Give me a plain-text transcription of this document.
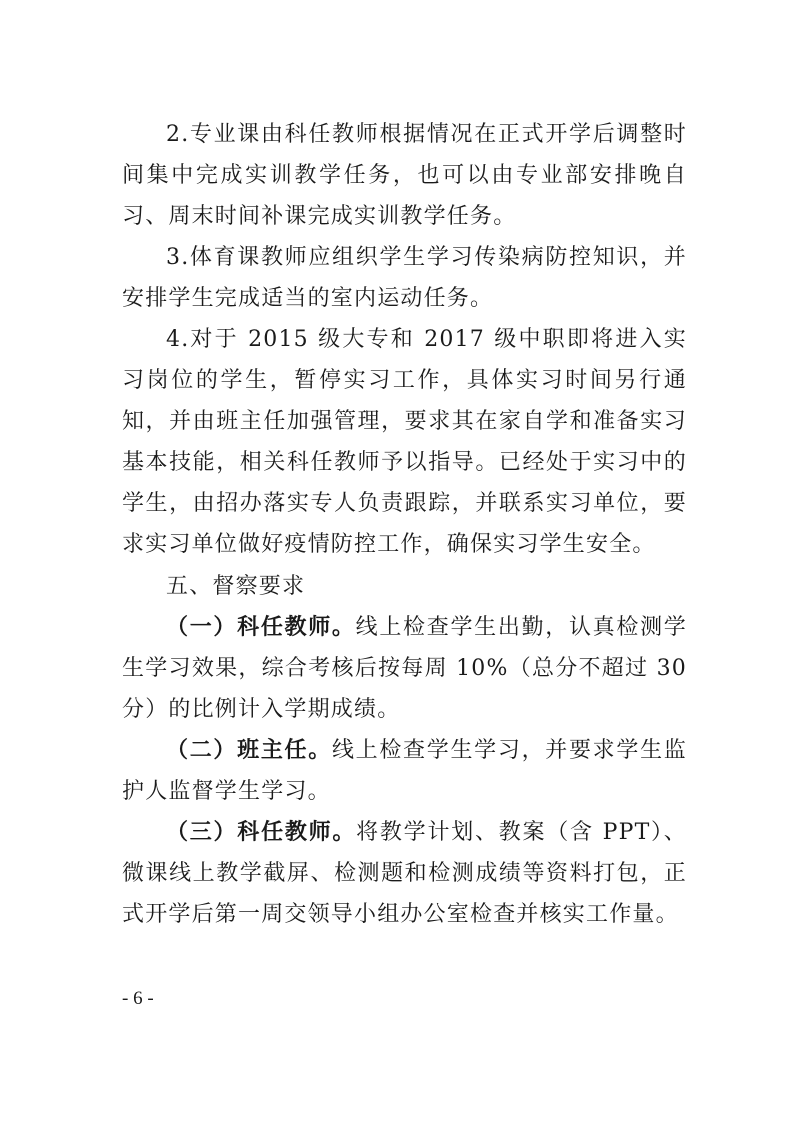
2.专业课由科任教师根据情况在正式开学后调整时间集中完成实训教学任务，也可以由专业部安排晚自习、周末时间补课完成实训教学任务。

3.体育课教师应组织学生学习传染病防控知识，并安排学生完成适当的室内运动任务。

4.对于 2015 级大专和 2017 级中职即将进入实习岗位的学生，暂停实习工作，具体实习时间另行通知，并由班主任加强管理，要求其在家自学和准备实习基本技能，相关科任教师予以指导。已经处于实习中的学生，由招办落实专人负责跟踪，并联系实习单位，要求实习单位做好疫情防控工作，确保实习学生安全。

五、督察要求

（一）科任教师。线上检查学生出勤，认真检测学生学习效果，综合考核后按每周 10%（总分不超过 30 分）的比例计入学期成绩。

（二）班主任。线上检查学生学习，并要求学生监护人监督学生学习。

（三）科任教师。将教学计划、教案（含 PPT）、微课线上教学截屏、检测题和检测成绩等资料打包，正式开学后第一周交领导小组办公室检查并核实工作量。

- 6 -
